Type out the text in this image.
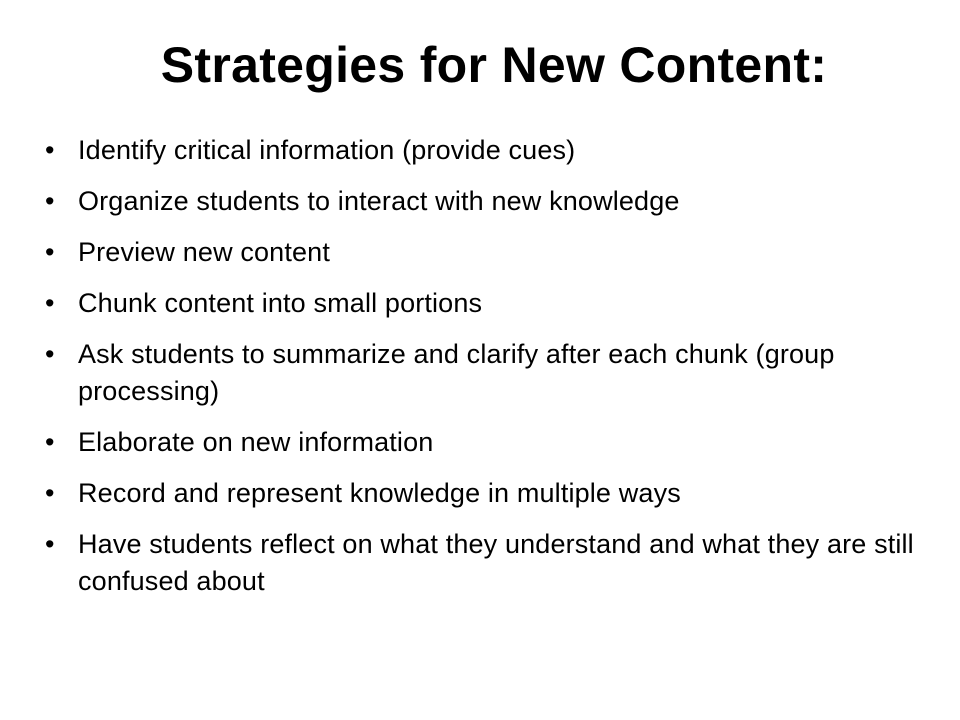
Strategies for New Content:
• Identify critical information (provide cues)
• Organize students to interact with new knowledge
• Preview new content
• Chunk content into small portions
• Ask students to summarize and clarify after each chunk (group processing)
• Elaborate on new information
• Record and represent knowledge in multiple ways
• Have students reflect on what they understand and what they are still confused about
